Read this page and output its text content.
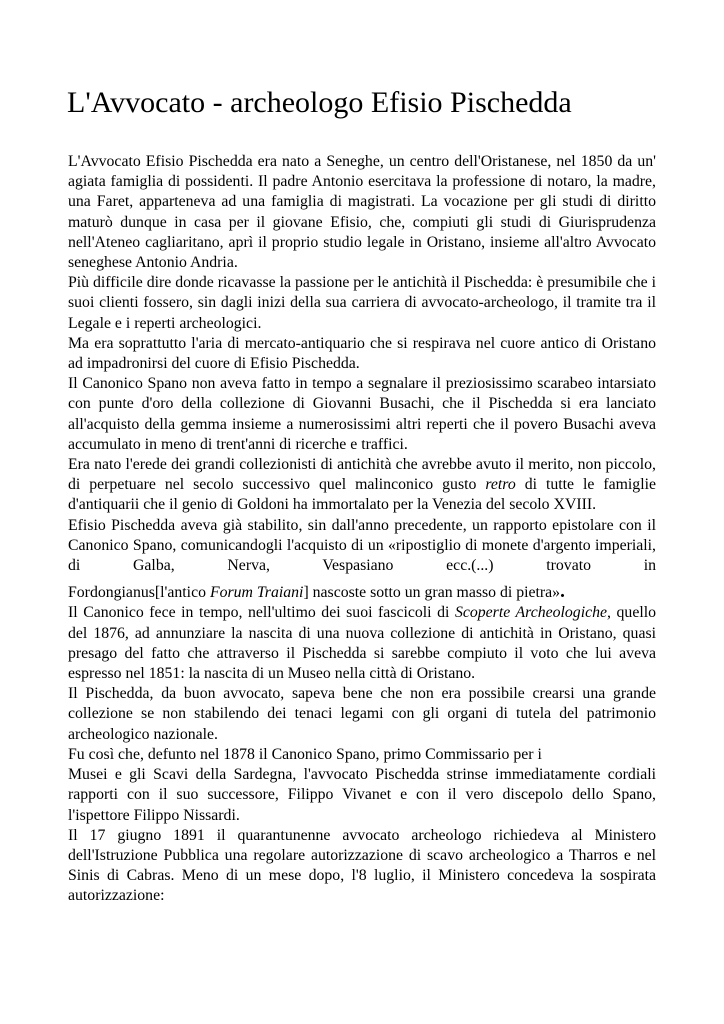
L'Avvocato - archeologo Efisio Pischedda

L'Avvocato Efisio Pischedda era nato a Seneghe, un centro dell'Oristanese, nel 1850 da un' agiata famiglia di possidenti. Il padre Antonio esercitava la professione di notaro, la madre, una Faret, apparteneva ad una famiglia di magistrati. La vocazione per gli studi di diritto maturò dunque in casa per il giovane Efisio, che, compiuti gli studi di Giurisprudenza nell'Ateneo cagliaritano, aprì il proprio studio legale in Oristano, insieme all'altro Avvocato seneghese Antonio Andria.

Più difficile dire donde ricavasse la passione per le antichità il Pischedda: è presumibile che i suoi clienti fossero, sin dagli inizi della sua carriera di avvocato-archeologo, il tramite tra il Legale e i reperti archeologici.

Ma era soprattutto l'aria di mercato-antiquario che si respirava nel cuore antico di Oristano ad impadronirsi del cuore di Efisio Pischedda.

Il Canonico Spano non aveva fatto in tempo a segnalare il preziosissimo scarabeo intarsiato con punte d'oro della collezione di Giovanni Busachi, che il Pischedda si era lanciato all'acquisto della gemma insieme a numerosissimi altri reperti che il povero Busachi aveva accumulato in meno di trent'anni di ricerche e traffici.

Era nato l'erede dei grandi collezionisti di antichità che avrebbe avuto il merito, non piccolo, di perpetuare nel secolo successivo quel malinconico gusto retro di tutte le famiglie d'antiquarii che il genio di Goldoni ha immortalato per la Venezia del secolo XVIII.

Efisio Pischedda aveva già stabilito, sin dall'anno precedente, un rapporto epistolare con il Canonico Spano, comunicandogli l'acquisto di un «ripostiglio di monete d'argento imperiali, di Galba, Nerva, Vespasiano ecc.(...) trovato in

Fordongianus[l'antico Forum Traiani] nascoste sotto un gran masso di pietra».

Il Canonico fece in tempo, nell'ultimo dei suoi fascicoli di Scoperte Archeologiche, quello del 1876, ad annunziare la nascita di una nuova collezione di antichità in Oristano, quasi presago del fatto che attraverso il Pischedda si sarebbe compiuto il voto che lui aveva espresso nel 1851: la nascita di un Museo nella città di Oristano.

Il Pischedda, da buon avvocato, sapeva bene che non era possibile crearsi una grande collezione se non stabilendo dei tenaci legami con gli organi di tutela del patrimonio archeologico nazionale.

Fu così che, defunto nel 1878 il Canonico Spano, primo Commissario per i

Musei e gli Scavi della Sardegna, l'avvocato Pischedda strinse immediatamente cordiali rapporti con il suo successore, Filippo Vivanet e con il vero discepolo dello Spano, l'ispettore Filippo Nissardi.

Il 17 giugno 1891 il quarantunenne avvocato archeologo richiedeva al Ministero dell'Istruzione Pubblica una regolare autorizzazione di scavo archeologico a Tharros e nel Sinis di Cabras. Meno di un mese dopo, l'8 luglio, il Ministero concedeva la sospirata autorizzazione:
